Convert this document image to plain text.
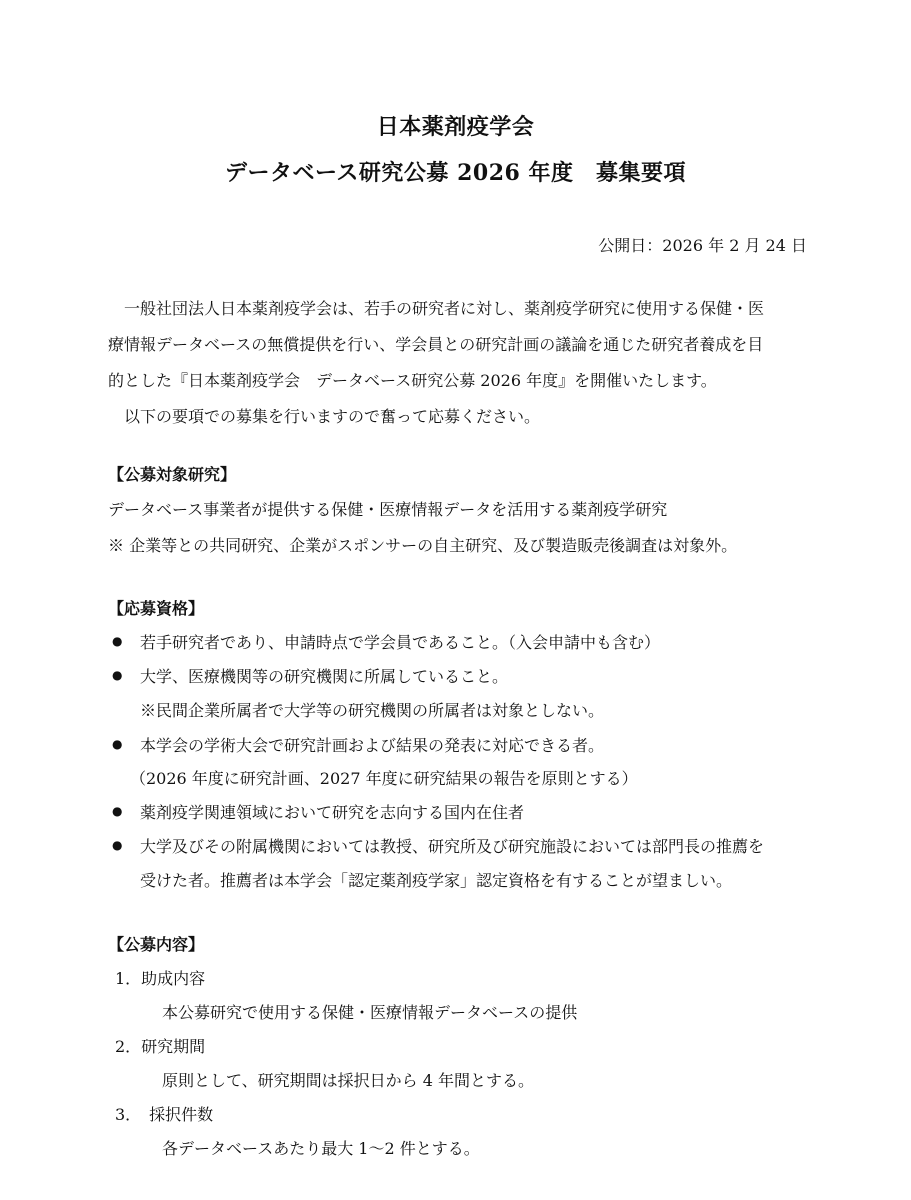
日本薬剤疫学会
データベース研究公募 2026 年度　募集要項
公開日：2026 年 2 月 24 日
　一般社団法人日本薬剤疫学会は、若手の研究者に対し、薬剤疫学研究に使用する保健・医
療情報データベースの無償提供を行い、学会員との研究計画の議論を通じた研究者養成を目
的とした『日本薬剤疫学会　データベース研究公募 2026 年度』を開催いたします。
　以下の要項での募集を行いますので奮って応募ください。
【公募対象研究】
データベース事業者が提供する保健・医療情報データを活用する薬剤疫学研究
※ 企業等との共同研究、企業がスポンサーの自主研究、及び製造販売後調査は対象外。
【応募資格】
● 若手研究者であり、申請時点で学会員であること。（入会申請中も含む）
● 大学、医療機関等の研究機関に所属していること。
※民間企業所属者で大学等の研究機関の所属者は対象としない。
● 本学会の学術大会で研究計画および結果の発表に対応できる者。
（2026 年度に研究計画、2027 年度に研究結果の報告を原則とする）
● 薬剤疫学関連領域において研究を志向する国内在住者
● 大学及びその附属機関においては教授、研究所及び研究施設においては部門長の推薦を
受けた者。推薦者は本学会「認定薬剤疫学家」認定資格を有することが望ましい。
【公募内容】
1．助成内容
本公募研究で使用する保健・医療情報データベースの提供
2．研究期間
原則として、研究期間は採択日から 4 年間とする。
3．　採択件数
各データベースあたり最大 1～2 件とする。
